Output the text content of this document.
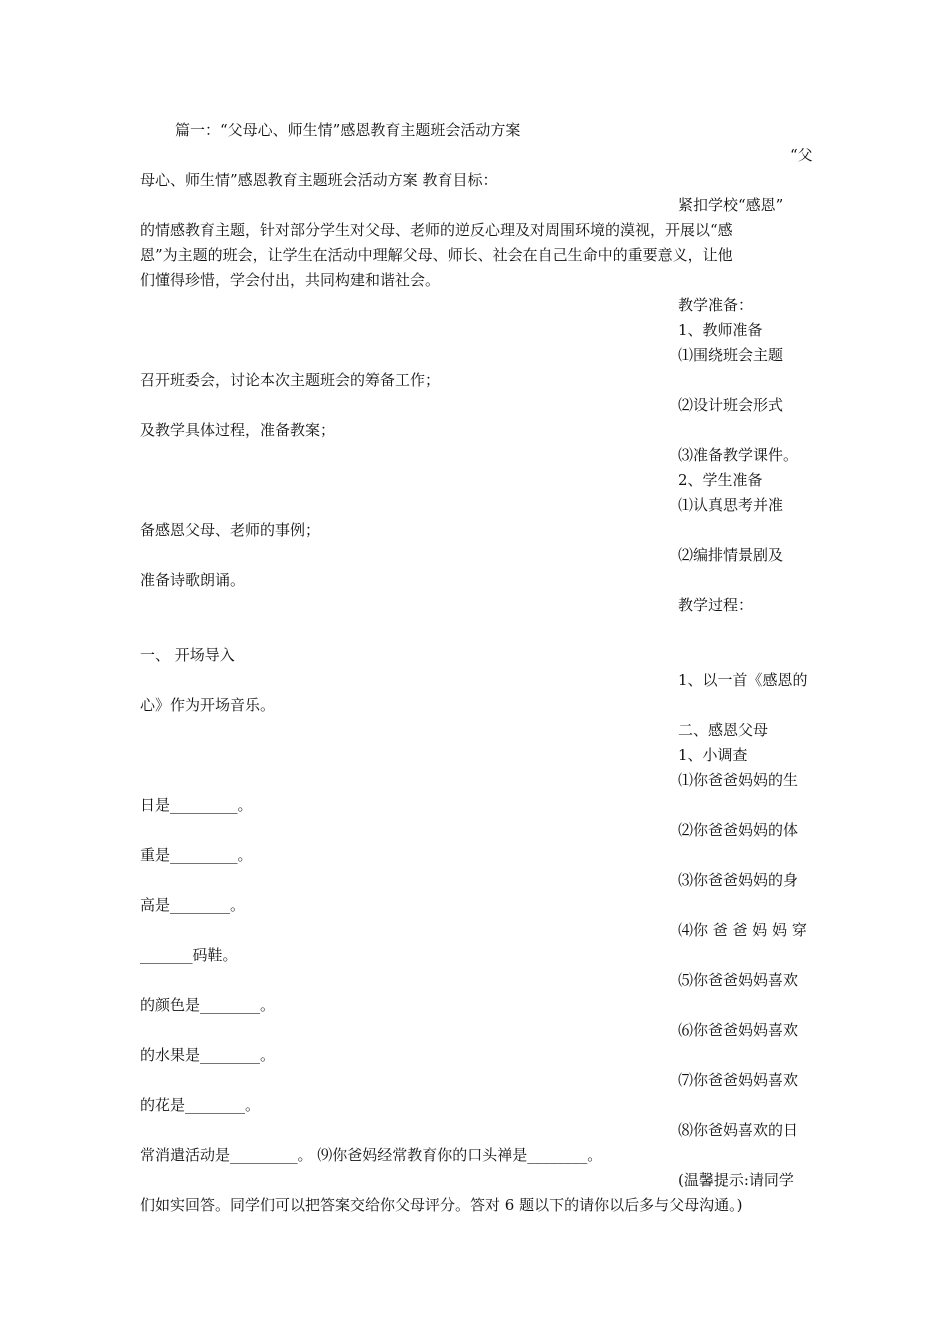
篇一：“父母心、师生情”感恩教育主题班会活动方案
“父
母心、师生情”感恩教育主题班会活动方案 教育目标：
紧扣学校“感恩”
的情感教育主题，针对部分学生对父母、老师的逆反心理及对周围环境的漠视，开展以“感
恩”为主题的班会，让学生在活动中理解父母、师长、社会在自己生命中的重要意义，让他
们懂得珍惜，学会付出，共同构建和谐社会。
教学准备：
1、教师准备
⑴围绕班会主题
召开班委会，讨论本次主题班会的筹备工作；
⑵设计班会形式
及教学具体过程，准备教案；
⑶准备教学课件。
2、学生准备
⑴认真思考并准
备感恩父母、老师的事例；
⑵编排情景剧及
准备诗歌朗诵。
教学过程：
一、 开场导入
1、以一首《感恩的
心》作为开场音乐。
二、感恩父母
1、小调查
⑴你爸爸妈妈的生
日是_________。
⑵你爸爸妈妈的体
重是_________。
⑶你爸爸妈妈的身
高是________。
⑷你 爸 爸 妈 妈 穿
_______码鞋。
⑸你爸爸妈妈喜欢
的颜色是________。
⑹你爸爸妈妈喜欢
的水果是________。
⑺你爸爸妈妈喜欢
的花是________。
⑻你爸妈喜欢的日
常消遣活动是_________。 ⑼你爸妈经常教育你的口头禅是________。
(温馨提示:请同学
们如实回答。同学们可以把答案交给你父母评分。答对 6 题以下的请你以后多与父母沟通。)
